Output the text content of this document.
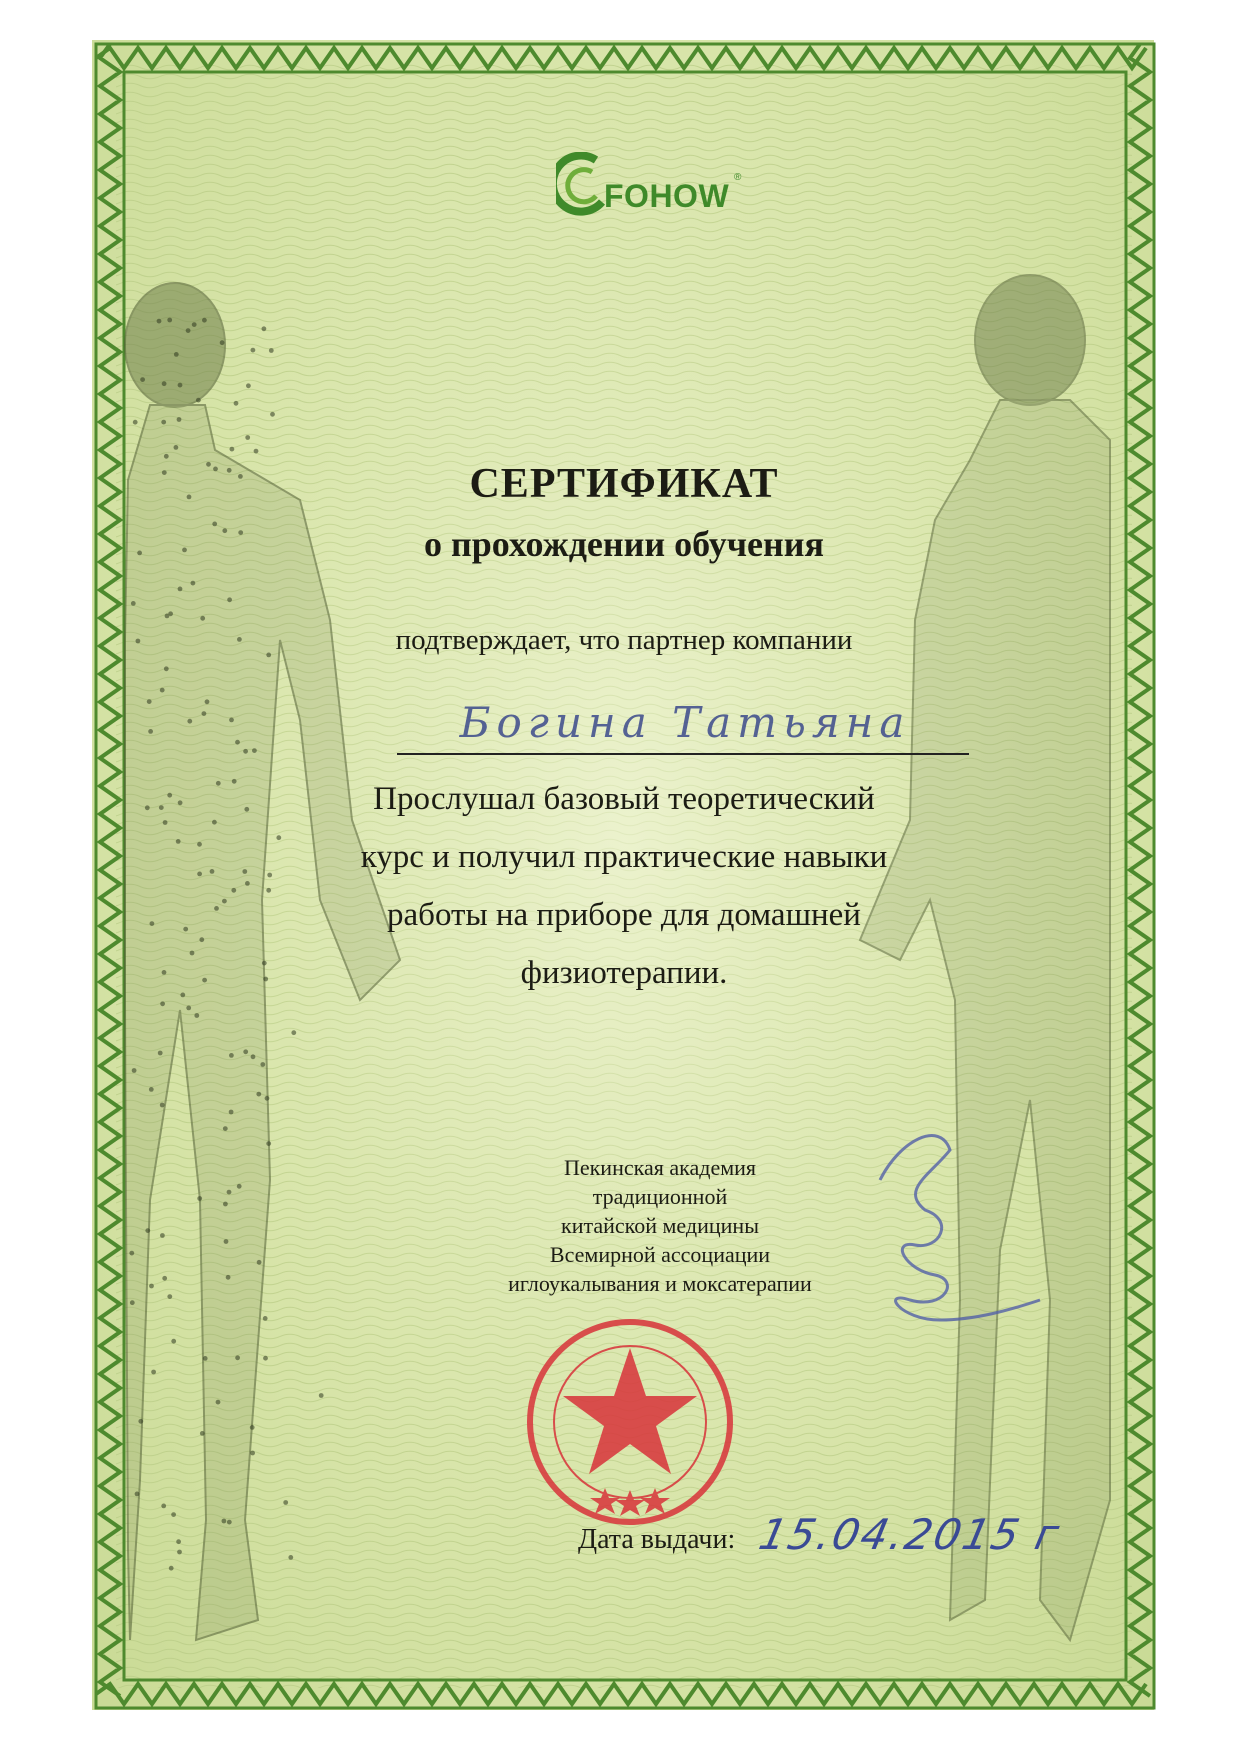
FOHOW
®
СЕРТИФИКАТ
о прохождении обучения
подтверждает, что партнер компании
Богина Татьяна
Прослушал базовый теоретический
курс и получил практические навыки
работы на приборе для домашней
физиотерапии.
Пекинская академия
традиционной
китайской медицины
Всемирной ассоциации
иглоукалывания и моксатерапии
Дата выдачи: 15.04.2015 г
